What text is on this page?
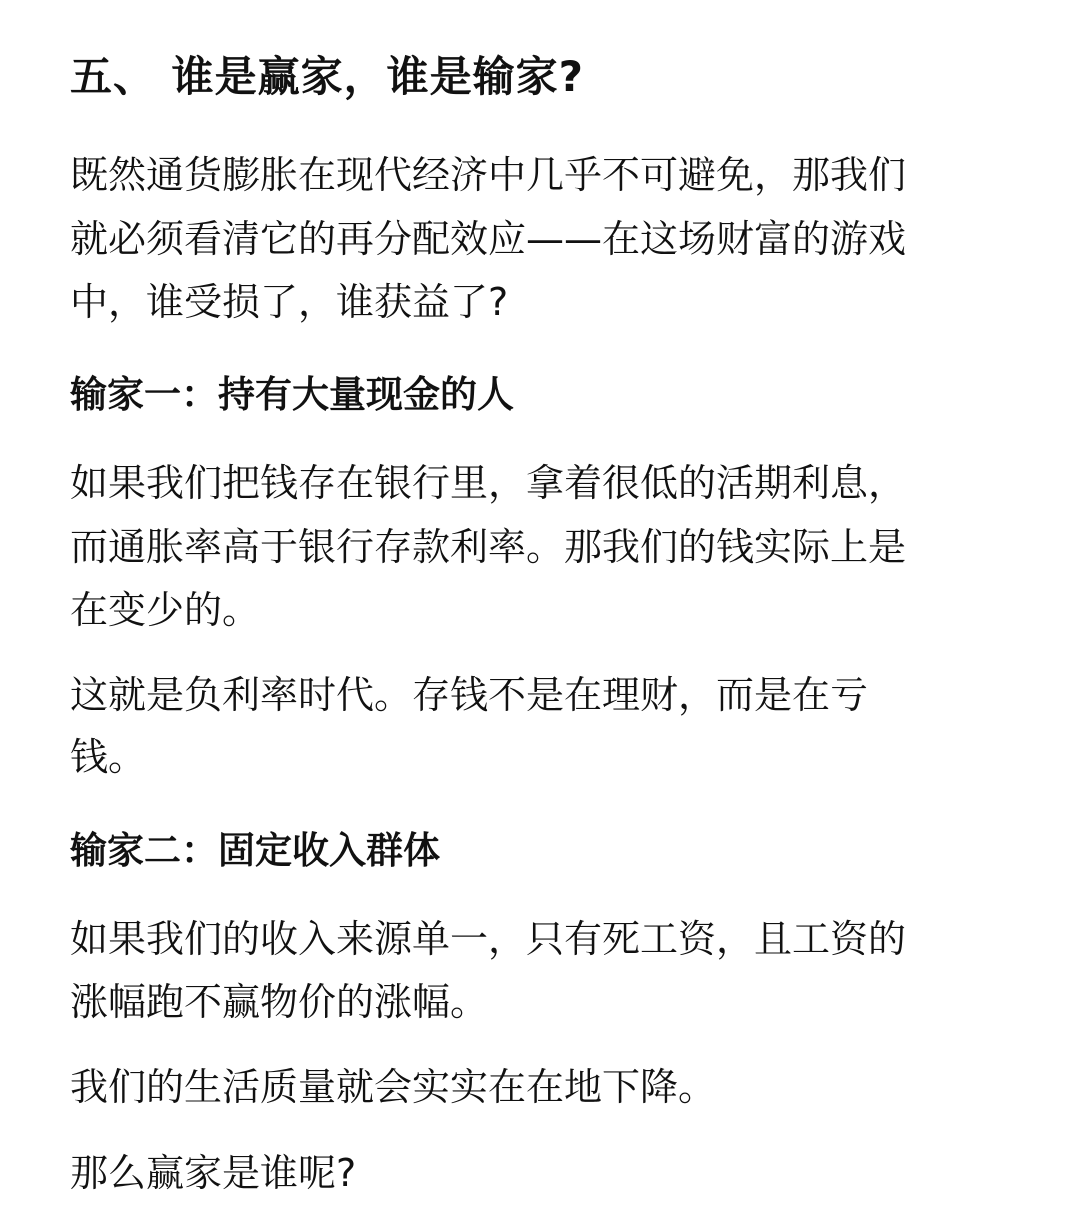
五、 谁是赢家，谁是输家?
既然通货膨胀在现代经济中几乎不可避免，那我们
就必须看清它的再分配效应——在这场财富的游戏
中，谁受损了，谁获益了?
输家一：持有大量现金的人
如果我们把钱存在银行里，拿着很低的活期利息，
而通胀率高于银行存款利率。那我们的钱实际上是
在变少的。
这就是负利率时代。存钱不是在理财，而是在亏
钱。
输家二：固定收入群体
如果我们的收入来源单一，只有死工资，且工资的
涨幅跑不赢物价的涨幅。
我们的生活质量就会实实在在地下降。
那么赢家是谁呢?
